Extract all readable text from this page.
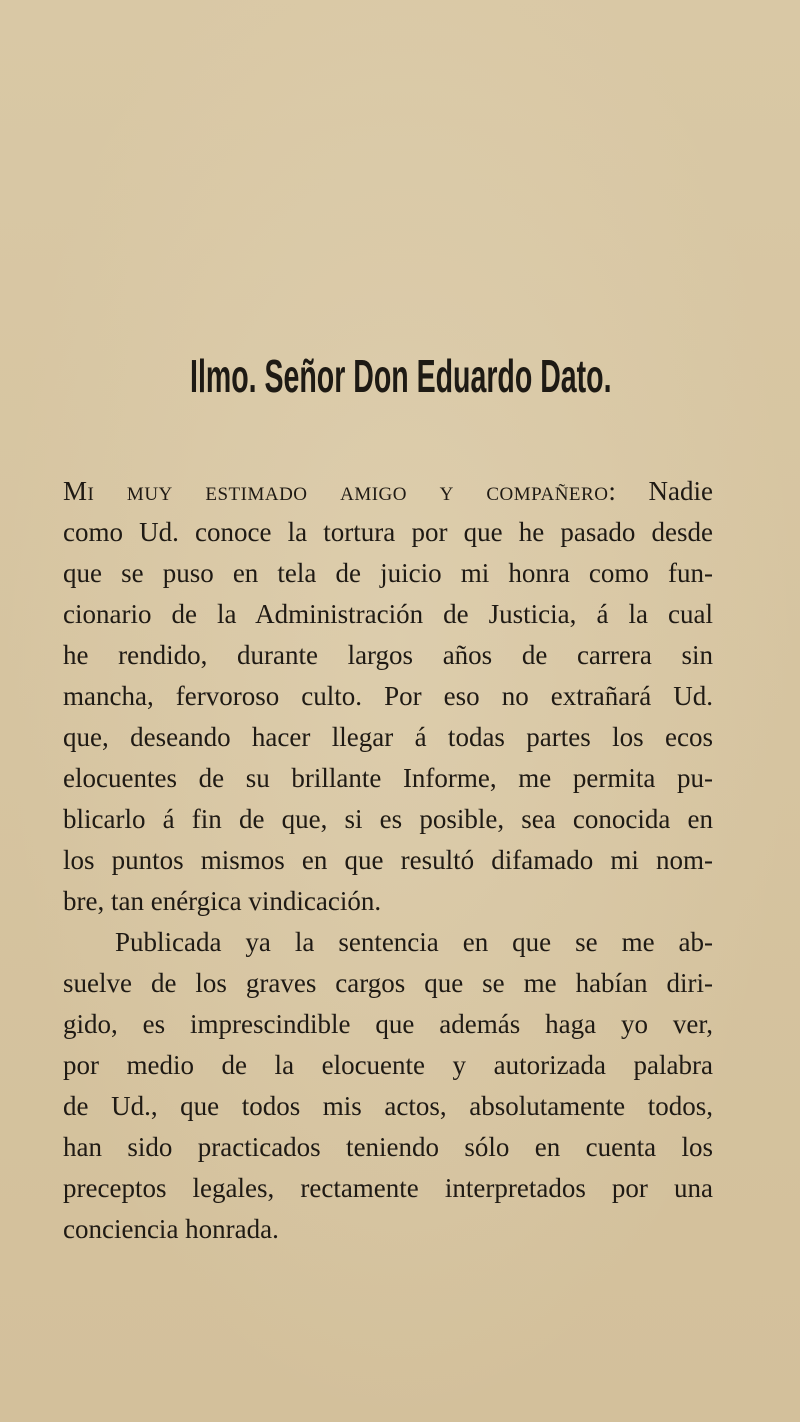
Ilmo. Señor Don Eduardo Dato.
Mi muy estimado amigo y compañero: Nadie
como Ud. conoce la tortura por que he pasado desde
que se puso en tela de juicio mi honra como fun-
cionario de la Administración de Justicia, á la cual
he rendido, durante largos años de carrera sin
mancha, fervoroso culto. Por eso no extrañará Ud.
que, deseando hacer llegar á todas partes los ecos
elocuentes de su brillante Informe, me permita pu-
blicarlo á fin de que, si es posible, sea conocida en
los puntos mismos en que resultó difamado mi nom-
bre, tan enérgica vindicación.
Publicada ya la sentencia en que se me ab-
suelve de los graves cargos que se me habían diri-
gido, es imprescindible que además haga yo ver,
por medio de la elocuente y autorizada palabra
de Ud., que todos mis actos, absolutamente todos,
han sido practicados teniendo sólo en cuenta los
preceptos legales, rectamente interpretados por una
conciencia honrada.
